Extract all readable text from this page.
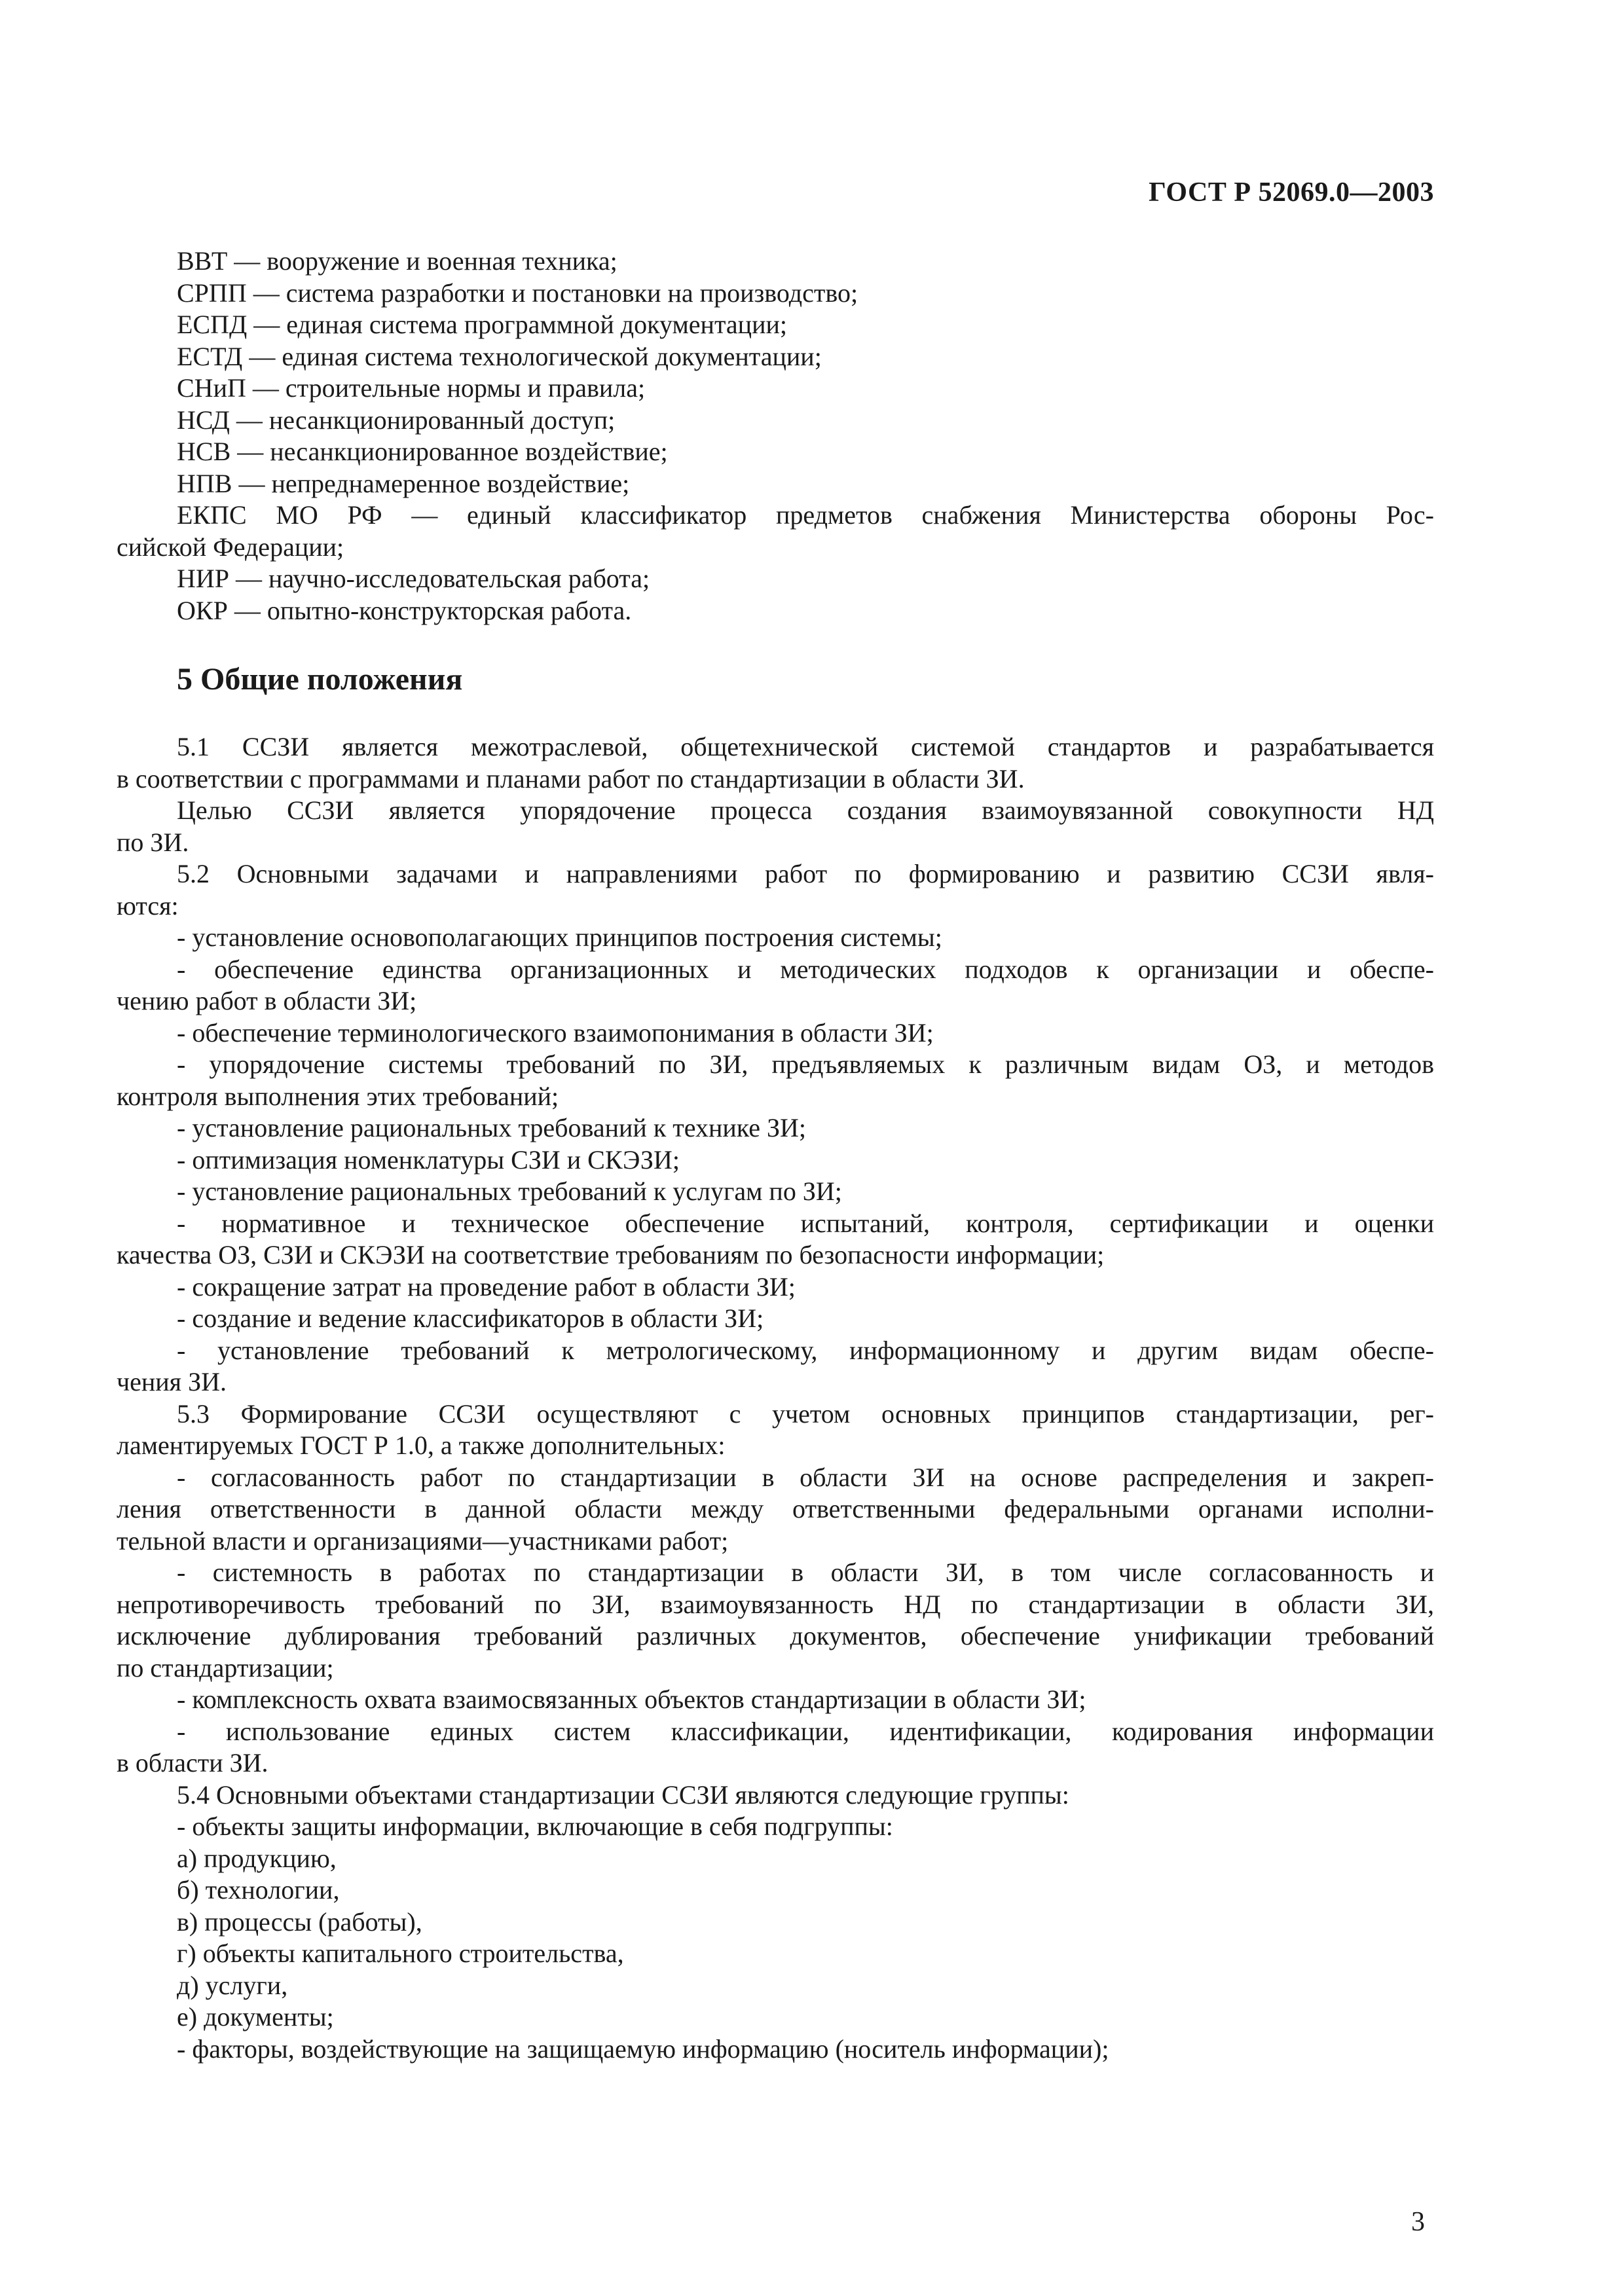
ГОСТ Р 52069.0—2003
ВВТ — вооружение и военная техника;
СРПП — система разработки и постановки на производство;
ЕСПД — единая система программной документации;
ЕСТД — единая система технологической документации;
СНиП — строительные нормы и правила;
НСД — несанкционированный доступ;
НСВ — несанкционированное воздействие;
НПВ — непреднамеренное воздействие;
ЕКПС МО РФ — единый классификатор предметов снабжения Министерства обороны Рос-
сийской Федерации;
НИР — научно-исследовательская работа;
ОКР — опытно-конструкторская работа.
5 Общие положения
5.1 ССЗИ является межотраслевой, общетехнической системой стандартов и разрабатывается
в соответствии с программами и планами работ по стандартизации в области ЗИ.
Целью ССЗИ является упорядочение процесса создания взаимоувязанной совокупности НД
по ЗИ.
5.2 Основными задачами и направлениями работ по формированию и развитию ССЗИ явля-
ются:
- установление основополагающих принципов построения системы;
- обеспечение единства организационных и методических подходов к организации и обеспе-
чению работ в области ЗИ;
- обеспечение терминологического взаимопонимания в области ЗИ;
- упорядочение системы требований по ЗИ, предъявляемых к различным видам ОЗ, и методов
контроля выполнения этих требований;
- установление рациональных требований к технике ЗИ;
- оптимизация номенклатуры СЗИ и СКЭЗИ;
- установление рациональных требований к услугам по ЗИ;
- нормативное и техническое обеспечение испытаний, контроля, сертификации и оценки
качества ОЗ, СЗИ и СКЭЗИ на соответствие требованиям по безопасности информации;
- сокращение затрат на проведение работ в области ЗИ;
- создание и ведение классификаторов в области ЗИ;
- установление требований к метрологическому, информационному и другим видам обеспе-
чения ЗИ.
5.3 Формирование ССЗИ осуществляют с учетом основных принципов стандартизации, рег-
ламентируемых ГОСТ Р 1.0, а также дополнительных:
- согласованность работ по стандартизации в области ЗИ на основе распределения и закреп-
ления ответственности в данной области между ответственными федеральными органами исполни-
тельной власти и организациями—участниками работ;
- системность в работах по стандартизации в области ЗИ, в том числе согласованность и
непротиворечивость требований по ЗИ, взаимоувязанность НД по стандартизации в области ЗИ,
исключение дублирования требований различных документов, обеспечение унификации требований
по стандартизации;
- комплексность охвата взаимосвязанных объектов стандартизации в области ЗИ;
- использование единых систем классификации, идентификации, кодирования информации
в области ЗИ.
5.4 Основными объектами стандартизации ССЗИ являются следующие группы:
- объекты защиты информации, включающие в себя подгруппы:
а) продукцию,
б) технологии,
в) процессы (работы),
г) объекты капитального строительства,
д) услуги,
е) документы;
- факторы, воздействующие на защищаемую информацию (носитель информации);
3
